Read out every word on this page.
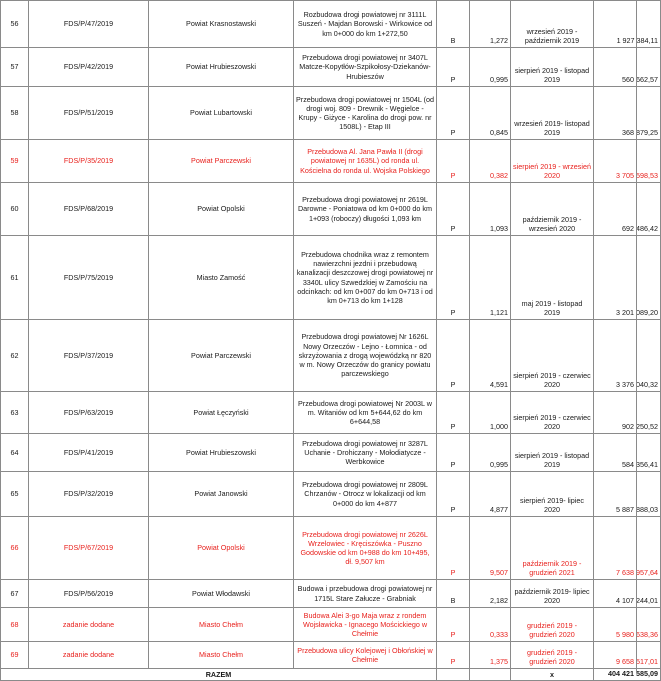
56	FDS/P/47/2019	Powiat Krasnostawski	Rozbudowa drogi powiatowej nr 3111L Suszeń - Majdan Borowski - Wirkowice od km 0+000 do km 1+272,50	B	1,272	wrzesień 2019 - październik 2019	1 927 384,11
57	FDS/P/42/2019	Powiat Hrubieszowski	Przebudowa drogi powiatowej nr 3407L Matcze-Kopytłów-Szpikołosy-Dziekanów-Hrubieszów	P	0,995	sierpień 2019 - listopad 2019	560 662,57
58	FDS/P/51/2019	Powiat Lubartowski	Przebudowa drogi powiatowej nr 1504L (od drogi woj. 809 - Drewnik - Węgielce - Krupy - Giżyce - Karolina do drogi pow. nr 1508L) - Etap III	P	0,845	wrzesień 2019- listopad 2019	368 879,25
59	FDS/P/35/2019	Powiat Parczewski	Przebudowa Al. Jana Pawła II (drogi powiatowej nr 1635L) od ronda ul. Kościelna do ronda ul. Wojska Polskiego	P	0,382	sierpień 2019 - wrzesień 2020	3 705 598,53
60	FDS/P/68/2019	Powiat Opolski	Przebudowa drogi powiatowej nr 2619L Darowne - Poniatowa od km 0+000 do km 1+093 (roboczy) długości 1,093 km	P	1,093	październik 2019 - wrzesień 2020	692 486,42
61	FDS/P/75/2019	Miasto Zamość	Przebudowa chodnika wraz z remontem nawierzchni jezdni i przebudową kanalizacji deszczowej drogi powiatowej nr 3340L ulicy Szwedzkiej w Zamościu na odcinkach: od km 0+007 do km 0+713 i od km 0+713 do km 1+128	P	1,121	maj 2019 - listopad 2019	3 201 089,20
62	FDS/P/37/2019	Powiat Parczewski	Przebudowa drogi powiatowej Nr 1626L Nowy Orzeczów - Lejno - Łomnica - od skrzyżowania z drogą wojewódzką nr 820 w m. Nowy Orzeczów do granicy powiatu parczewskiego	P	4,591	sierpień 2019 - czerwiec 2020	3 376 040,32
63	FDS/P/63/2019	Powiat Łęczyński	Przebudowa drogi powiatowej Nr 2003L w m. Witaniów od km 5+644,62 do km 6+644,58	P	1,000	sierpień 2019 - czerwiec 2020	902 250,52
64	FDS/P/41/2019	Powiat Hrubieszowski	Przebudowa drogi powiatowej nr 3287L Uchanie - Drohiczany - Mołodiatycze - Werbkowice	P	0,995	sierpień 2019 - listopad 2019	584 356,41
65	FDS/P/32/2019	Powiat Janowski	Przebudowa drogi powiatowej nr 2809L Chrzanów - Otrocz w lokalizacji od km 0+000 do km 4+877	P	4,877	sierpień 2019- lipiec 2020	5 887 888,03
66	FDS/P/67/2019	Powiat Opolski	Przebudowa drogi powiatowej nr 2626L Wrzelowiec - Kręciszówka - Puszno Godowskie od km 0+988 do km 10+495, dł. 9,507 km	P	9,507	październik 2019 - grudzień 2021	7 638 957,64
67	FDS/P/56/2019	Powiat Włodawski	Budowa i przebudowa drogi powiatowej nr 1715L Stare Załucze - Grabniak	B	2,182	październik 2019- lipiec 2020	4 107 244,01
68	zadanie dodane	Miasto Chełm	Budowa Alei 3-go Maja wraz z rondem Wojsławicka - Ignacego Mościckiego w Chełmie	P	0,333	grudzień 2019 - grudzień 2020	5 980 638,36
69	zadanie dodane	Miasto Chełm	Przebudowa ulicy Kolejowej i Obłońskiej w Chełmie	P	1,375	grudzień 2019 - grudzień 2020	9 658 517,01
RAZEM						x	404 421 585,09
